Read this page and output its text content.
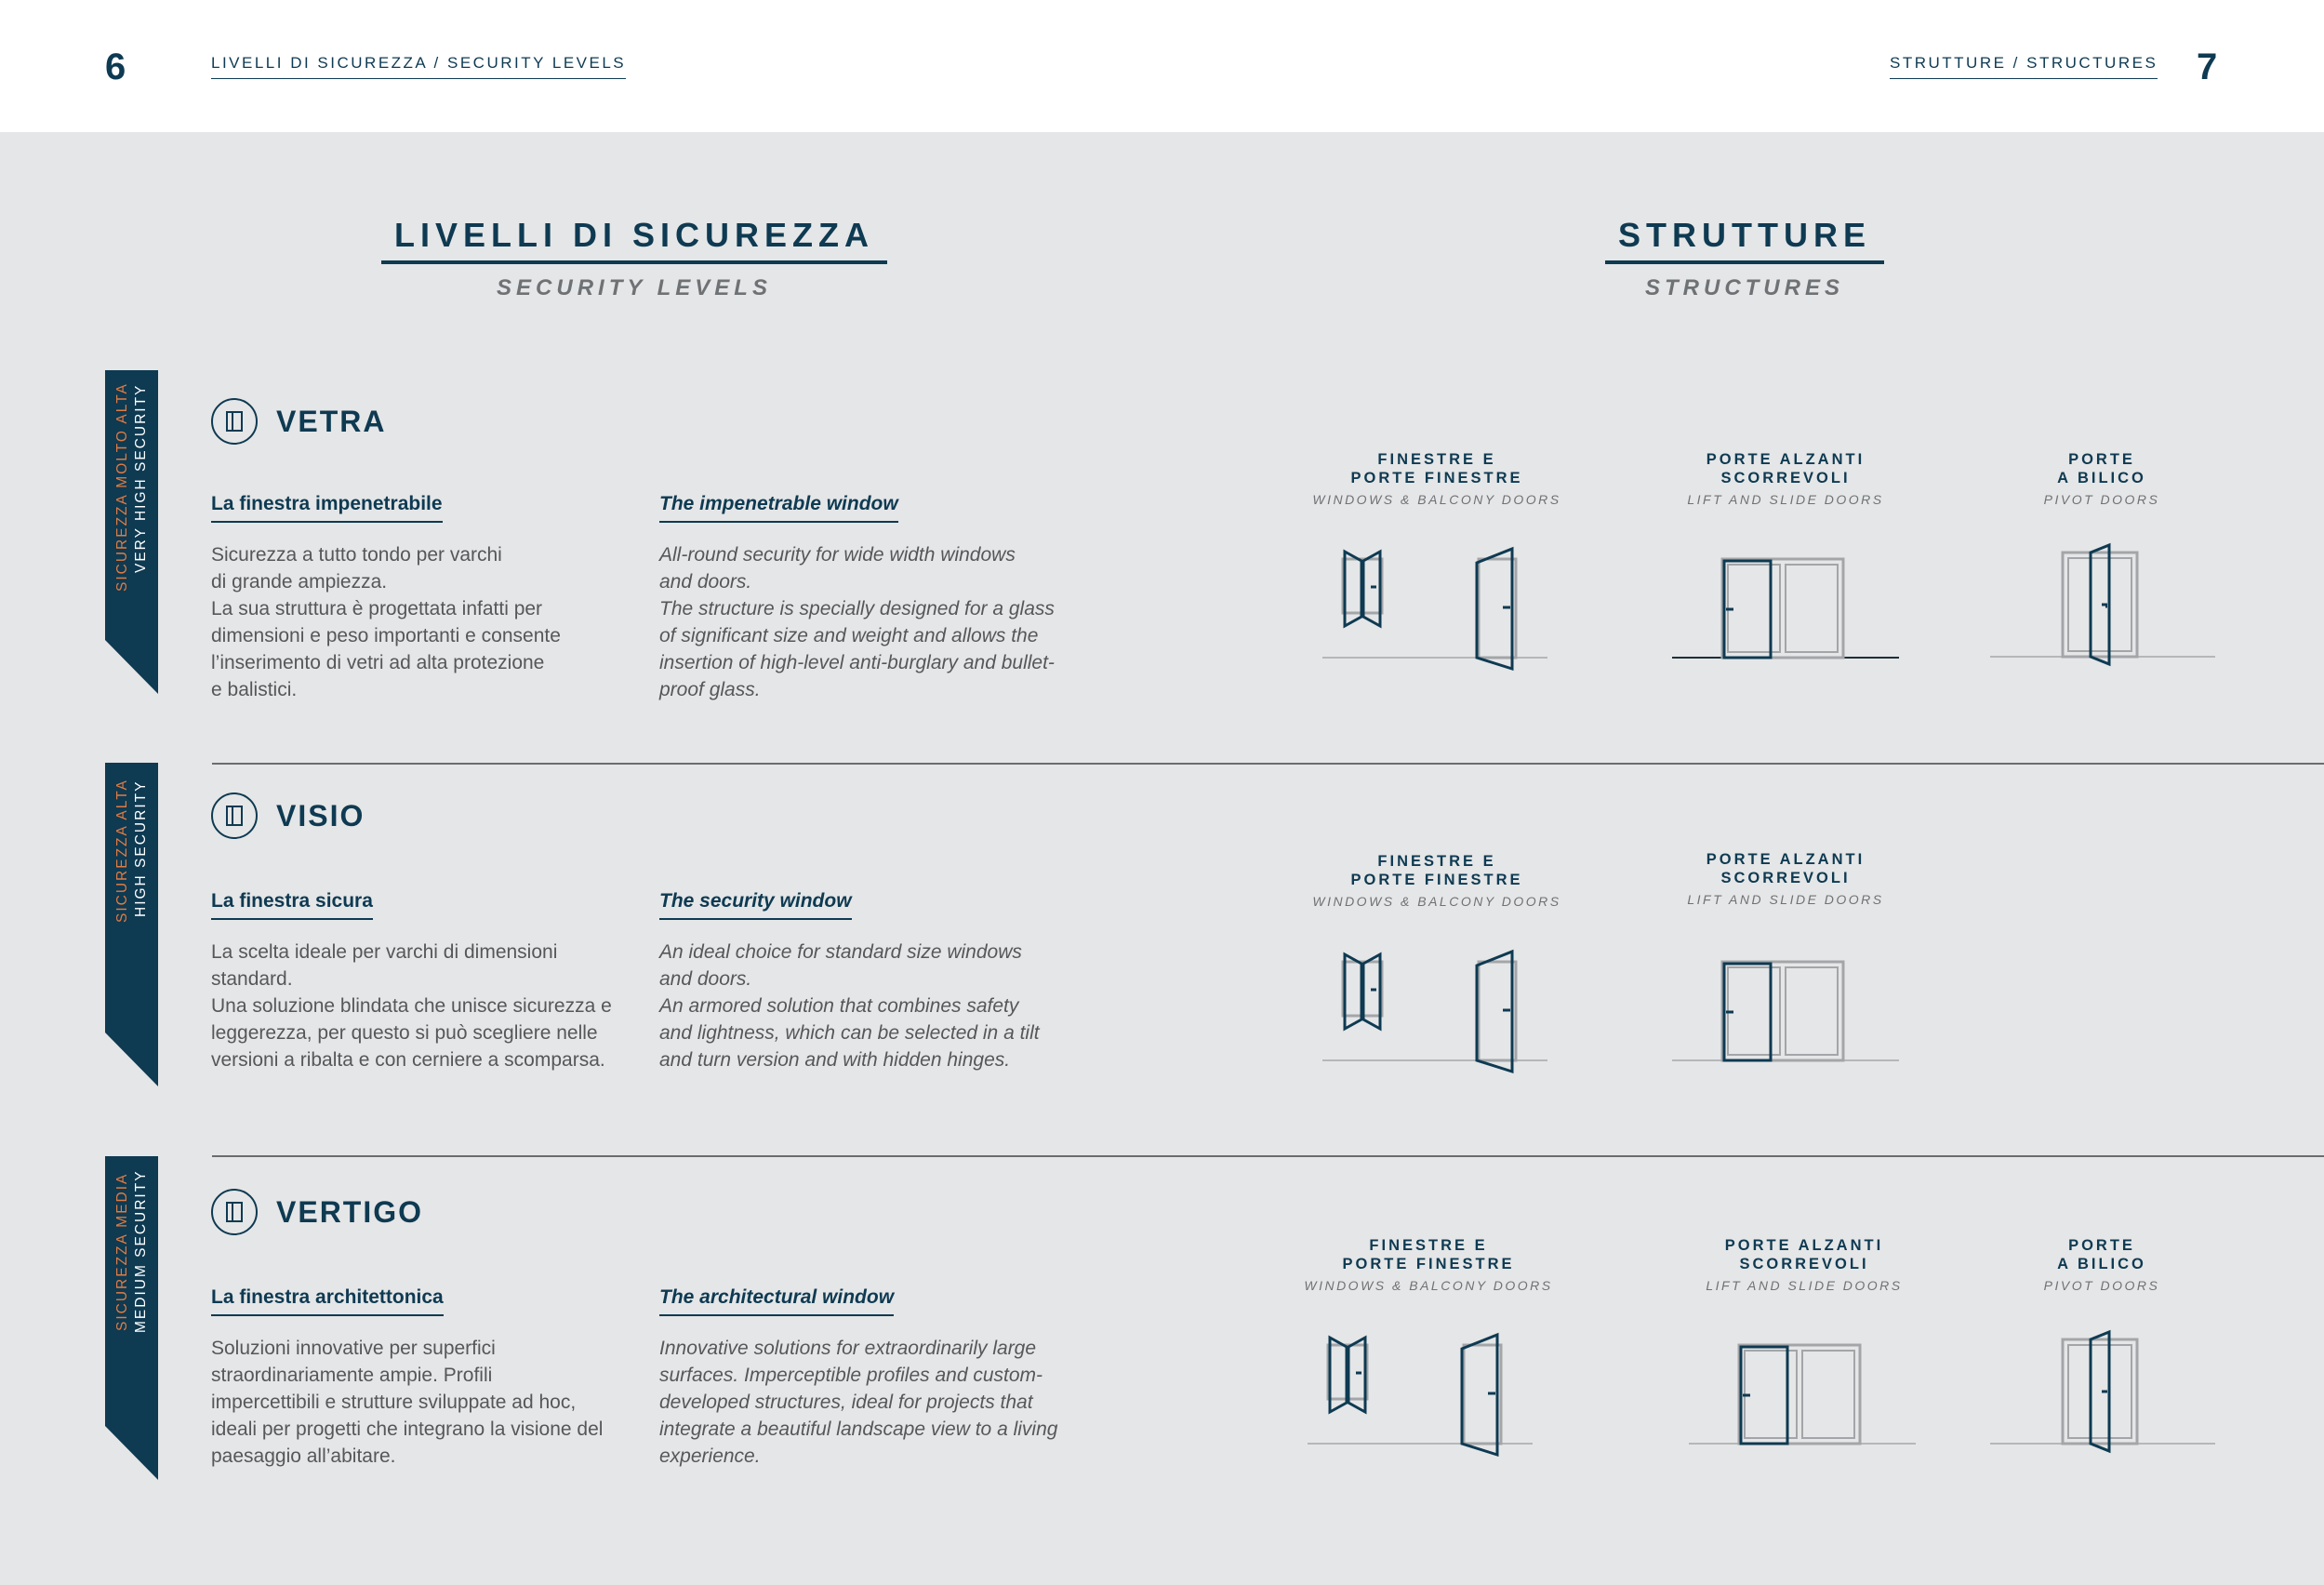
6	LIVELLI DI SICUREZZA / SECURITY LEVELS	STRUTTURE / STRUCTURES 7
LIVELLI DI SICUREZZA
SECURITY LEVELS
STRUTTURE
STRUCTURES
SICUREZZA MOLTO ALTA VERY HIGH SECURITY	VETRA
La finestra impenetrabile	The impenetrable window
Sicurezza a tutto tondo per varchi
di grande ampiezza.
La sua struttura è progettata infatti per
dimensioni e peso importanti e consente
l’inserimento di vetri ad alta protezione
e balistici.
All-round security for wide width windows
and doors.
The structure is specially designed for a glass
of significant size and weight and allows the
insertion of high-level anti-burglary and bullet-
proof glass.
FINESTRE E
PORTE FINESTRE
WINDOWS & BALCONY DOORS
PORTE ALZANTI
SCORREVOLI
LIFT AND SLIDE DOORS
PORTE
A BILICO
PIVOT DOORS
SICUREZZA ALTA HIGH SECURITY	VISIO
La finestra sicura	The security window
La scelta ideale per varchi di dimensioni
standard.
Una soluzione blindata che unisce sicurezza e
leggerezza, per questo si può scegliere nelle
versioni a ribalta e con cerniere a scomparsa.
An ideal choice for standard size windows
and doors.
An armored solution that combines safety
and lightness, which can be selected in a tilt
and turn version and with hidden hinges.
FINESTRE E
PORTE FINESTRE
WINDOWS & BALCONY DOORS
PORTE ALZANTI
SCORREVOLI
LIFT AND SLIDE DOORS
SICUREZZA MEDIA MEDIUM SECURITY	VERTIGO
La finestra architettonica	The architectural window
Soluzioni innovative per superfici
straordinariamente ampie. Profili
impercettibili e strutture sviluppate ad hoc,
ideali per progetti che integrano la visione del
paesaggio all’abitare.
Innovative solutions for extraordinarily large
surfaces. Imperceptible profiles and custom-
developed structures, ideal for projects that
integrate a beautiful landscape view to a living
experience.
FINESTRE E
PORTE FINESTRE
WINDOWS & BALCONY DOORS
PORTE ALZANTI
SCORREVOLI
LIFT AND SLIDE DOORS
PORTE
A BILICO
PIVOT DOORS
